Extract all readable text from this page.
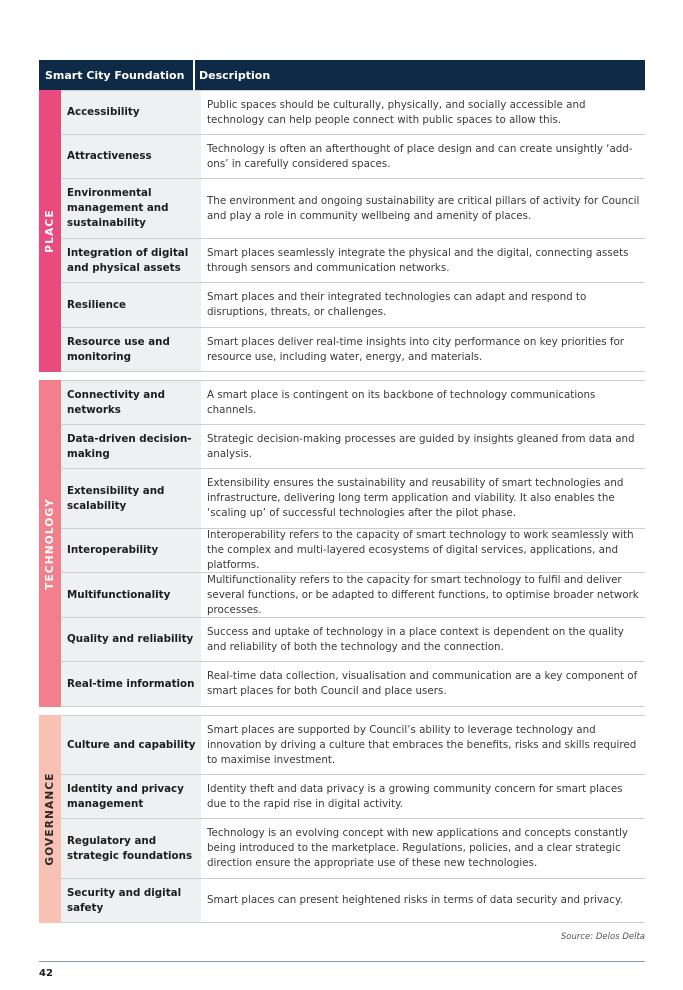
Smart City Foundation	Description
PLACE
Accessibility
Public spaces should be culturally, physically, and socially accessible and technology can help people connect with public spaces to allow this.
Attractiveness
Technology is often an afterthought of place design and can create unsightly ‘add-ons’ in carefully considered spaces.
Environmental management and sustainability
The environment and ongoing sustainability are critical pillars of activity for Council and play a role in community wellbeing and amenity of places.
Integration of digital and physical assets
Smart places seamlessly integrate the physical and the digital, connecting assets through sensors and communication networks.
Resilience
Smart places and their integrated technologies can adapt and respond to disruptions, threats, or challenges.
Resource use and monitoring
Smart places deliver real-time insights into city performance on key priorities for resource use, including water, energy, and materials.
TECHNOLOGY
Connectivity and networks
A smart place is contingent on its backbone of technology communications channels.
Data-driven decision-making
Strategic decision-making processes are guided by insights gleaned from data and analysis.
Extensibility and scalability
Extensibility ensures the sustainability and reusability of smart technologies and infrastructure, delivering long term application and viability. It also enables the ‘scaling up’ of successful technologies after the pilot phase.
Interoperability
Interoperability refers to the capacity of smart technology to work seamlessly with the complex and multi-layered ecosystems of digital services, applications, and platforms.
Multifunctionality
Multifunctionality refers to the capacity for smart technology to fulfil and deliver several functions, or be adapted to different functions, to optimise broader network processes.
Quality and reliability
Success and uptake of technology in a place context is dependent on the quality and reliability of both the technology and the connection.
Real-time information
Real-time data collection, visualisation and communication are a key component of smart places for both Council and place users.
GOVERNANCE
Culture and capability
Smart places are supported by Council’s ability to leverage technology and innovation by driving a culture that embraces the benefits, risks and skills required to maximise investment.
Identity and privacy management
Identity theft and data privacy is a growing community concern for smart places due to the rapid rise in digital activity.
Regulatory and strategic foundations
Technology is an evolving concept with new applications and concepts constantly being introduced to the marketplace. Regulations, policies, and a clear strategic direction ensure the appropriate use of these new technologies.
Security and digital safety
Smart places can present heightened risks in terms of data security and privacy.
Source: Delos Delta
42
